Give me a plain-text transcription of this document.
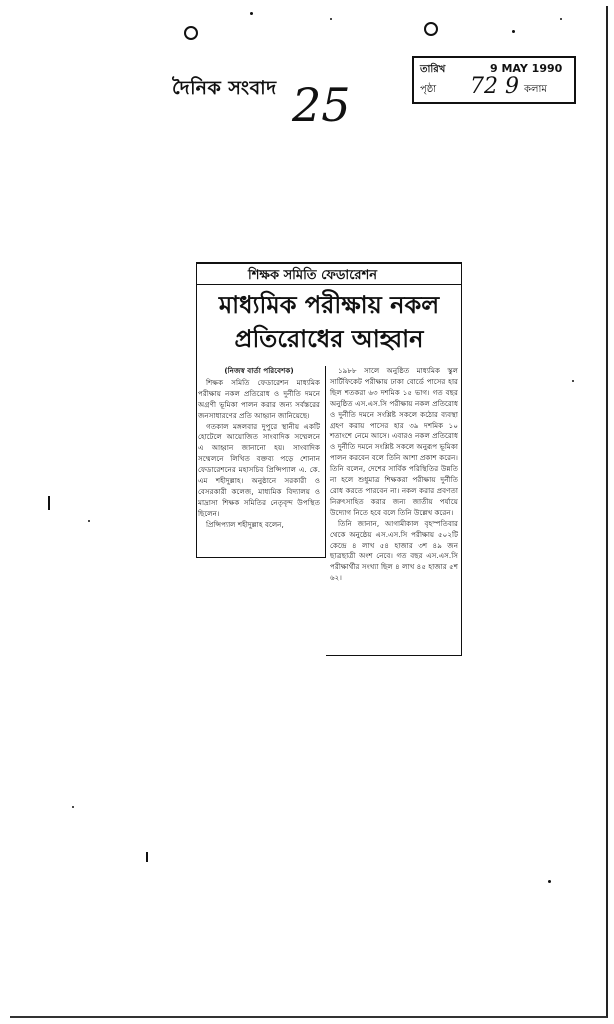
দৈনিক সংবাদ 25
তারিখ	9 MAY 1990
পৃষ্ঠা	কলাম
72 9
শিক্ষক সমিতি ফেডারেশন
মাধ্যমিক পরীক্ষায় নকল
প্রতিরোধের আহ্বান

(নিজস্ব বার্তা পরিবেশক)

শিক্ষক সমিতি ফেডারেশন মাধ্যমিক পরীক্ষায় নকল প্রতিরোধ ও দুর্নীতি দমনে অগ্রণী ভূমিকা পালন করার জন্য সর্বস্তরের জনসাধারণের প্রতি আহ্বান জানিয়েছে।

গতকাল মঙ্গলবার দুপুরে স্থানীয় একটি হোটেলে আয়োজিত সাংবাদিক সম্মেলনে এ আহ্বান জানানো হয়। সাংবাদিক সম্মেলনে লিখিত বক্তব্য পড়ে শোনান ফেডারেশনের মহাসচিব প্রিন্সিপ্যাল এ. কে. এম শহীদুল্লাহ। অনুষ্ঠানে সরকারী ও বেসরকারী কলেজ, মাধ্যমিক বিদ্যালয় ও মাদ্রাসা শিক্ষক সমিতির নেতৃবৃন্দ উপস্থিত ছিলেন।

প্রিন্সিপ্যাল শহীদুল্লাহ বলেন,

১৯৮৮ সালে অনুষ্ঠিত মাধ্যমিক স্কুল সার্টিফিকেট পরীক্ষায় ঢাকা বোর্ডে পাসের হার ছিল শতকরা ৬৩ দশমিক ১৫ ভাগ। গত বছর অনুষ্ঠিত এস.এস.সি পরীক্ষায় নকল প্রতিরোধ ও দুর্নীতি দমনে সংশ্লিষ্ট সকলে কঠোর ব্যবস্থা গ্রহণ করায় পাসের হার ৩৯ দশমিক ১০ শতাংশে নেমে আসে। এবারও নকল প্রতিরোধ ও দুর্নীতি দমনে সংশ্লিষ্ট সকলে অনুরূপ ভূমিকা পালন করবেন বলে তিনি আশা প্রকাশ করেন। তিনি বলেন, দেশের সার্বিক পরিস্থিতির উন্নতি না হলে শুধুমাত্র শিক্ষকরা পরীক্ষায় দুর্নীতি রোধ করতে পারবেন না। নকল করার প্রবণতা নিরুৎসাহিত করার জন্য জাতীয় পর্যায়ে উদ্যোগ নিতে হবে বলে তিনি উল্লেখ করেন।

তিনি জানান, আগামীকাল বৃহস্পতিবার থেকে অনুষ্ঠেয় এস.এস.সি পরীক্ষায় ৫০২টি কেন্দ্রে ৪ লাখ ৫৪ হাজার ৩শ ৪৯ জন ছাত্রছাত্রী অংশ নেবে। গত বছর এস.এস.সি পরীক্ষার্থীর সংখ্যা ছিল ৪ লাখ ৪৫ হাজার ৫শ ৬২।
